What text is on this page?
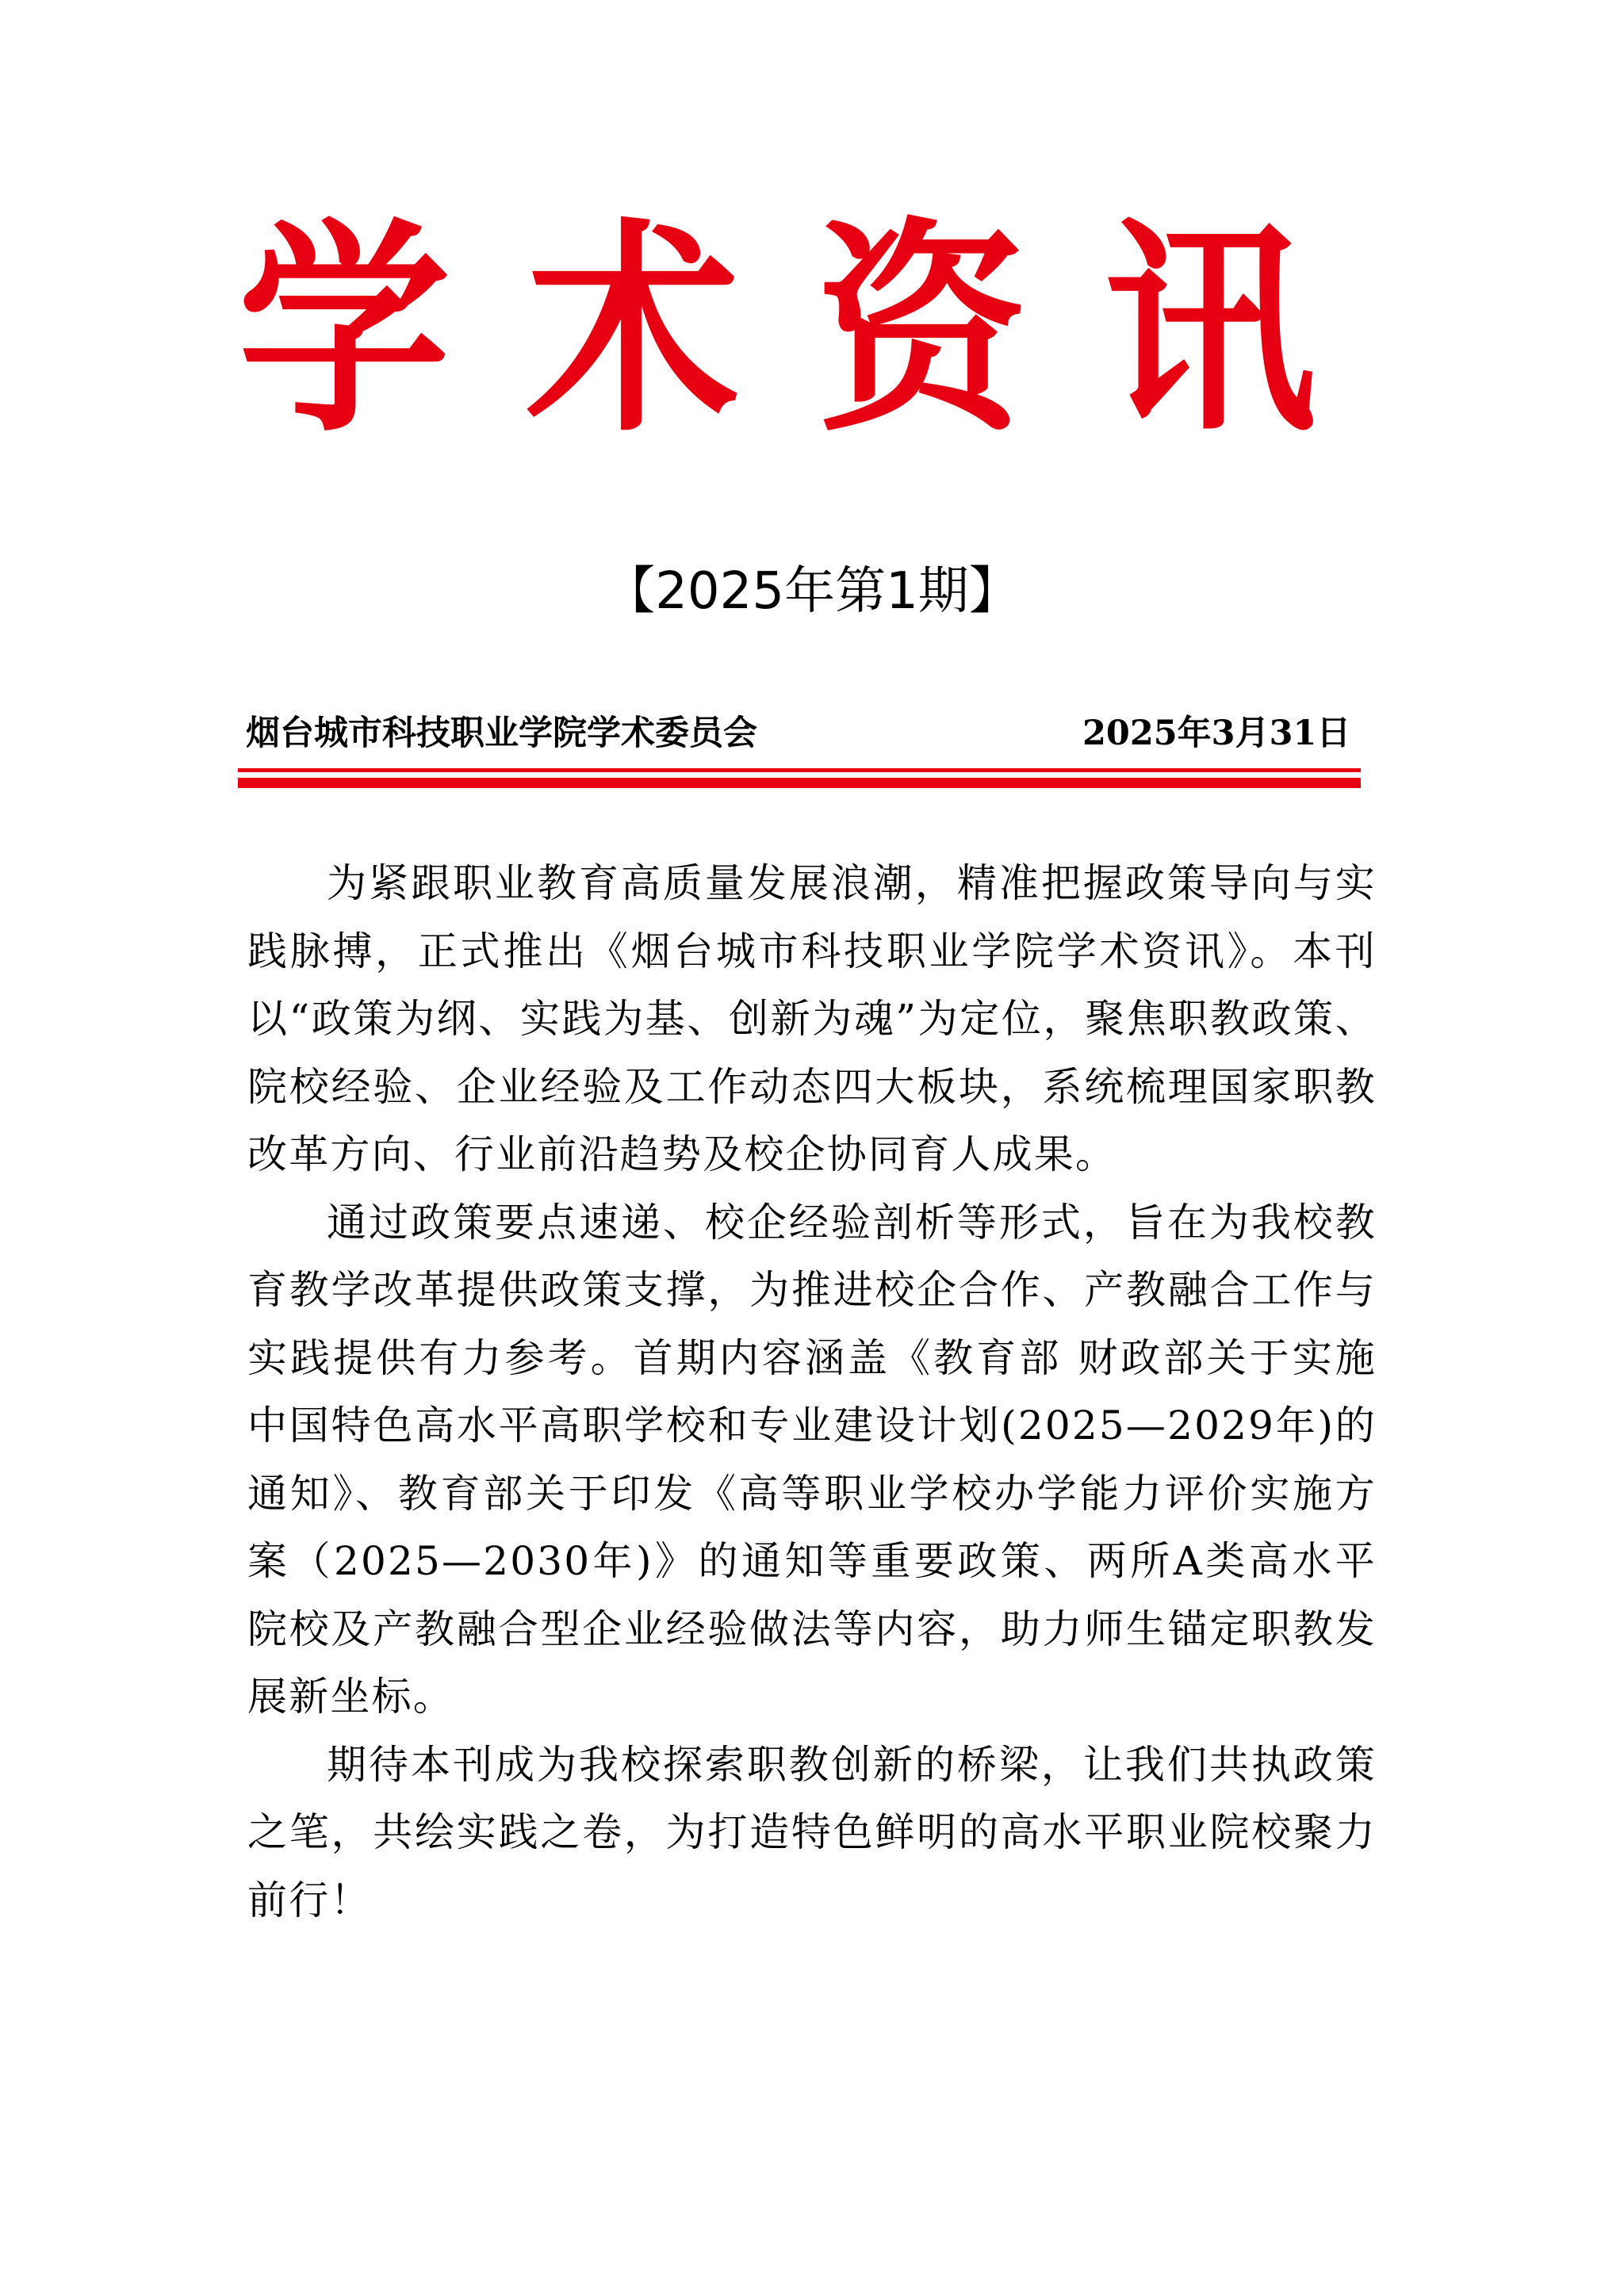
学 术 资 讯
【2025年第1期】
烟台城市科技职业学院学术委员会	2025年3月31日

为紧跟职业教育高质量发展浪潮，精准把握政策导向与实践脉搏，正式推出《烟台城市科技职业学院学术资讯》。本刊以“政策为纲、实践为基、创新为魂”为定位，聚焦职教政策、院校经验、企业经验及工作动态四大板块，系统梳理国家职教改革方向、行业前沿趋势及校企协同育人成果。

通过政策要点速递、校企经验剖析等形式，旨在为我校教育教学改革提供政策支撑，为推进校企合作、产教融合工作与实践提供有力参考。首期内容涵盖《教育部 财政部关于实施中国特色高水平高职学校和专业建设计划(2025—2029年)的通知》、教育部关于印发《高等职业学校办学能力评价实施方案（2025—2030年)》的通知等重要政策、两所A类高水平院校及产教融合型企业经验做法等内容，助力师生锚定职教发展新坐标。

期待本刊成为我校探索职教创新的桥梁，让我们共执政策之笔，共绘实践之卷，为打造特色鲜明的高水平职业院校聚力前行！
